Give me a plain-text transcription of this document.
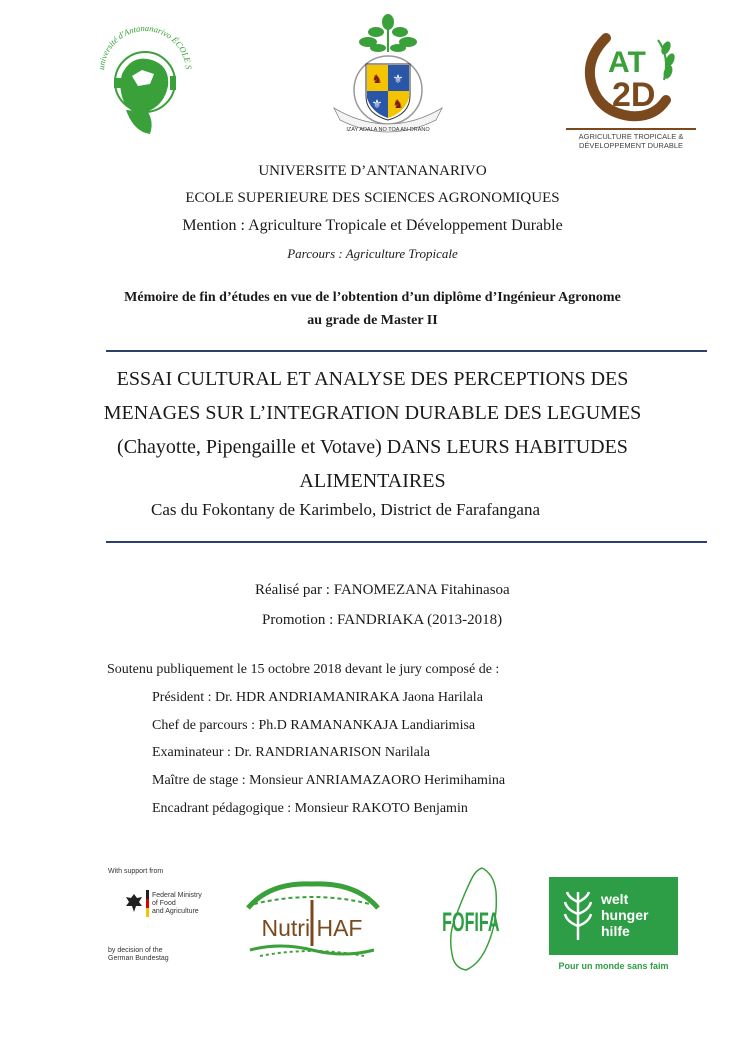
université d'Antananarivo ÉCOLE S
♞ ⚜
⚜ ♞
IZAY ADALA NO TOA AN-DRANO
AT
2D
AGRICULTURE TROPICALE &
DÉVELOPPEMENT DURABLE
UNIVERSITE D’ANTANANARIVO
ECOLE SUPERIEURE DES SCIENCES AGRONOMIQUES
Mention : Agriculture Tropicale et Développement Durable
Parcours : Agriculture Tropicale
Mémoire de fin d’études en vue de l’obtention d’un diplôme d’Ingénieur Agronome
au grade de Master II
ESSAI CULTURAL ET ANALYSE DES PERCEPTIONS DES
MENAGES SUR L’INTEGRATION DURABLE DES LEGUMES
(Chayotte, Pipengaille et Votave) DANS LEURS HABITUDES
ALIMENTAIRES
Cas du Fokontany de Karimbelo, District de Farafangana
Réalisé par : FANOMEZANA Fitahinasoa
Promotion : FANDRIAKA (2013-2018)
Soutenu publiquement le 15 octobre 2018 devant le jury composé de :
Président : Dr. HDR ANDRIAMANIRAKA Jaona Harilala
Chef de parcours : Ph.D RAMANANKAJA Landiarimisa
Examinateur : Dr. RANDRIANARISON Narilala
Maître de stage : Monsieur ANRIAMAZAORO Herimihamina
Encadrant pédagogique : Monsieur RAKOTO Benjamin
With support from
Federal Ministry
of Food
and Agriculture
by decision of the
German Bundestag
Nutri HAF	FOFIFA
welt
hunger
hilfe
Pour un monde sans faim
